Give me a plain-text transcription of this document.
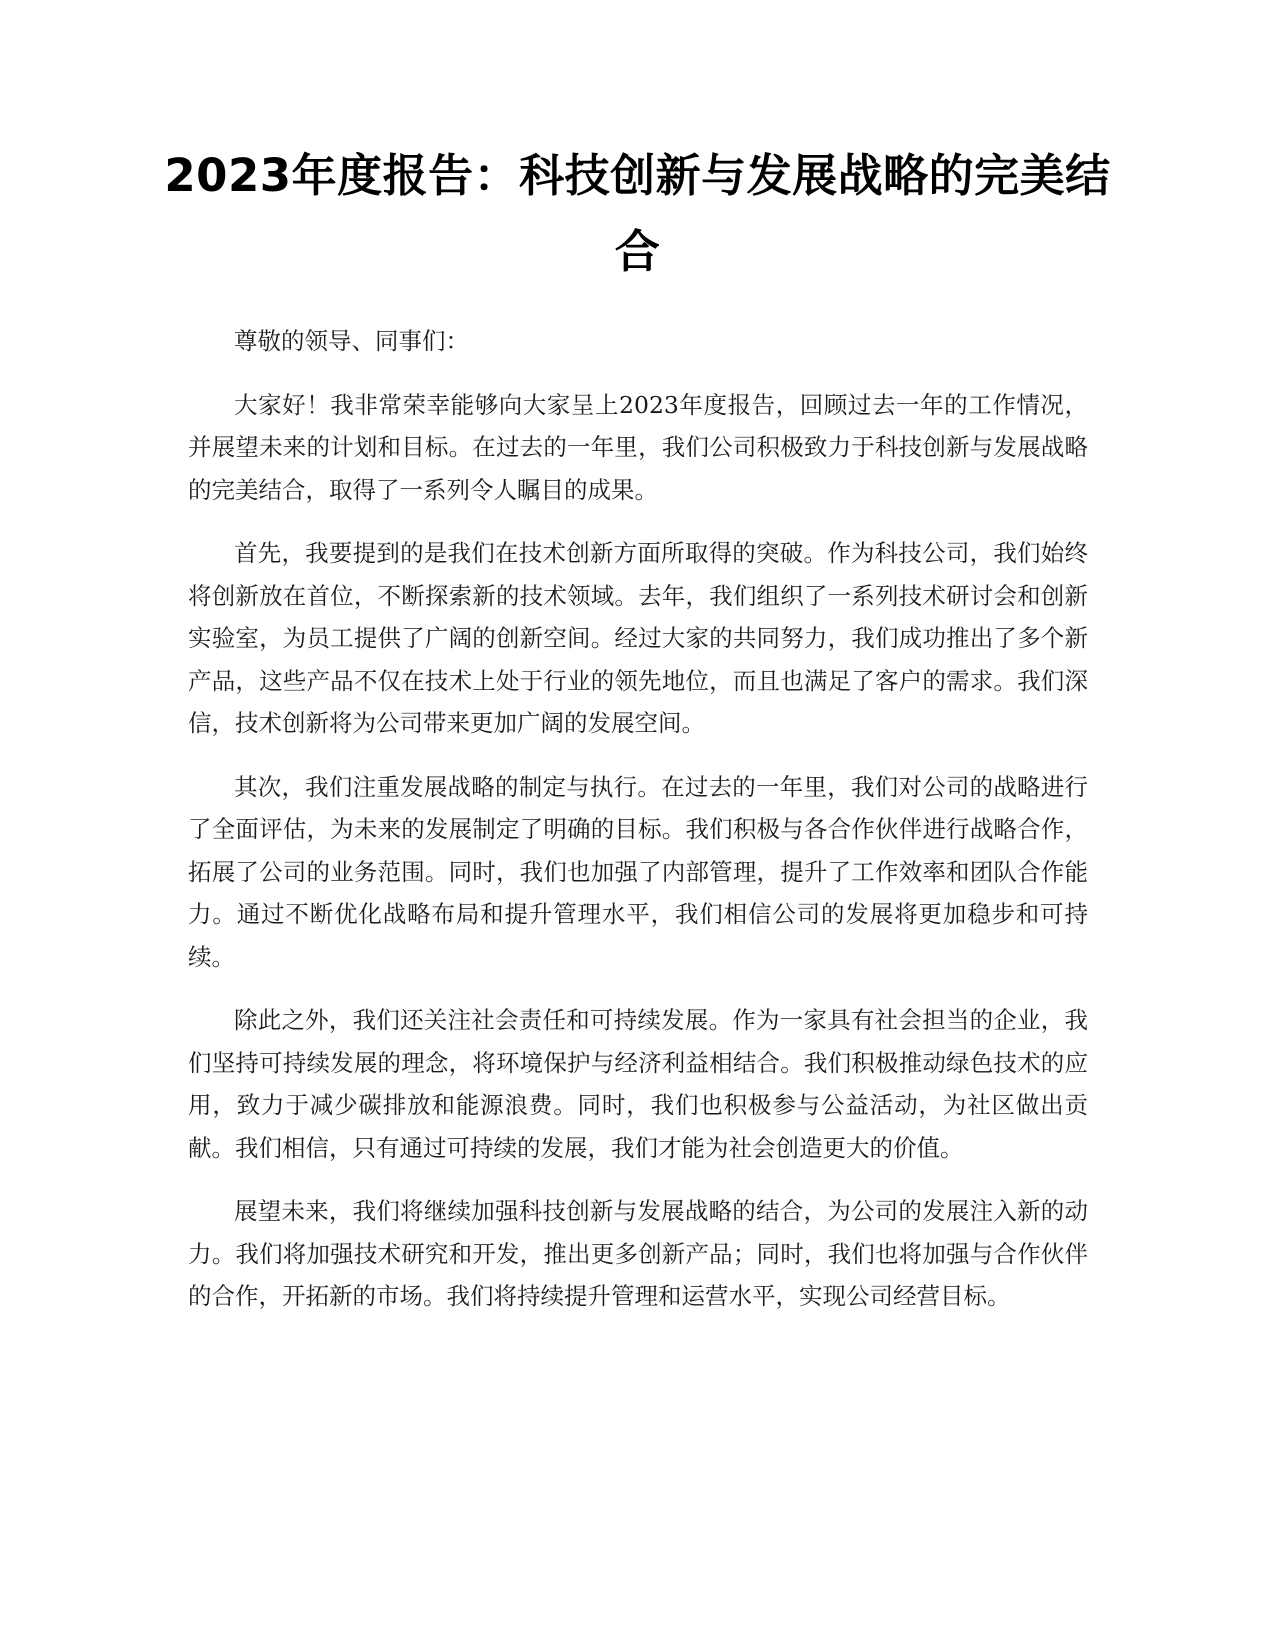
2023年度报告：科技创新与发展战略的完美结合

尊敬的领导、同事们：

大家好！我非常荣幸能够向大家呈上2023年度报告，回顾过去一年的工作情况，并展望未来的计划和目标。在过去的一年里，我们公司积极致力于科技创新与发展战略的完美结合，取得了一系列令人瞩目的成果。

首先，我要提到的是我们在技术创新方面所取得的突破。作为科技公司，我们始终将创新放在首位，不断探索新的技术领域。去年，我们组织了一系列技术研讨会和创新实验室，为员工提供了广阔的创新空间。经过大家的共同努力，我们成功推出了多个新产品，这些产品不仅在技术上处于行业的领先地位，而且也满足了客户的需求。我们深信，技术创新将为公司带来更加广阔的发展空间。

其次，我们注重发展战略的制定与执行。在过去的一年里，我们对公司的战略进行了全面评估，为未来的发展制定了明确的目标。我们积极与各合作伙伴进行战略合作，拓展了公司的业务范围。同时，我们也加强了内部管理，提升了工作效率和团队合作能力。通过不断优化战略布局和提升管理水平，我们相信公司的发展将更加稳步和可持续。

除此之外，我们还关注社会责任和可持续发展。作为一家具有社会担当的企业，我们坚持可持续发展的理念，将环境保护与经济利益相结合。我们积极推动绿色技术的应用，致力于减少碳排放和能源浪费。同时，我们也积极参与公益活动，为社区做出贡献。我们相信，只有通过可持续的发展，我们才能为社会创造更大的价值。

展望未来，我们将继续加强科技创新与发展战略的结合，为公司的发展注入新的动力。我们将加强技术研究和开发，推出更多创新产品；同时，我们也将加强与合作伙伴的合作，开拓新的市场。我们将持续提升管理和运营水平，实现公司经营目标。
